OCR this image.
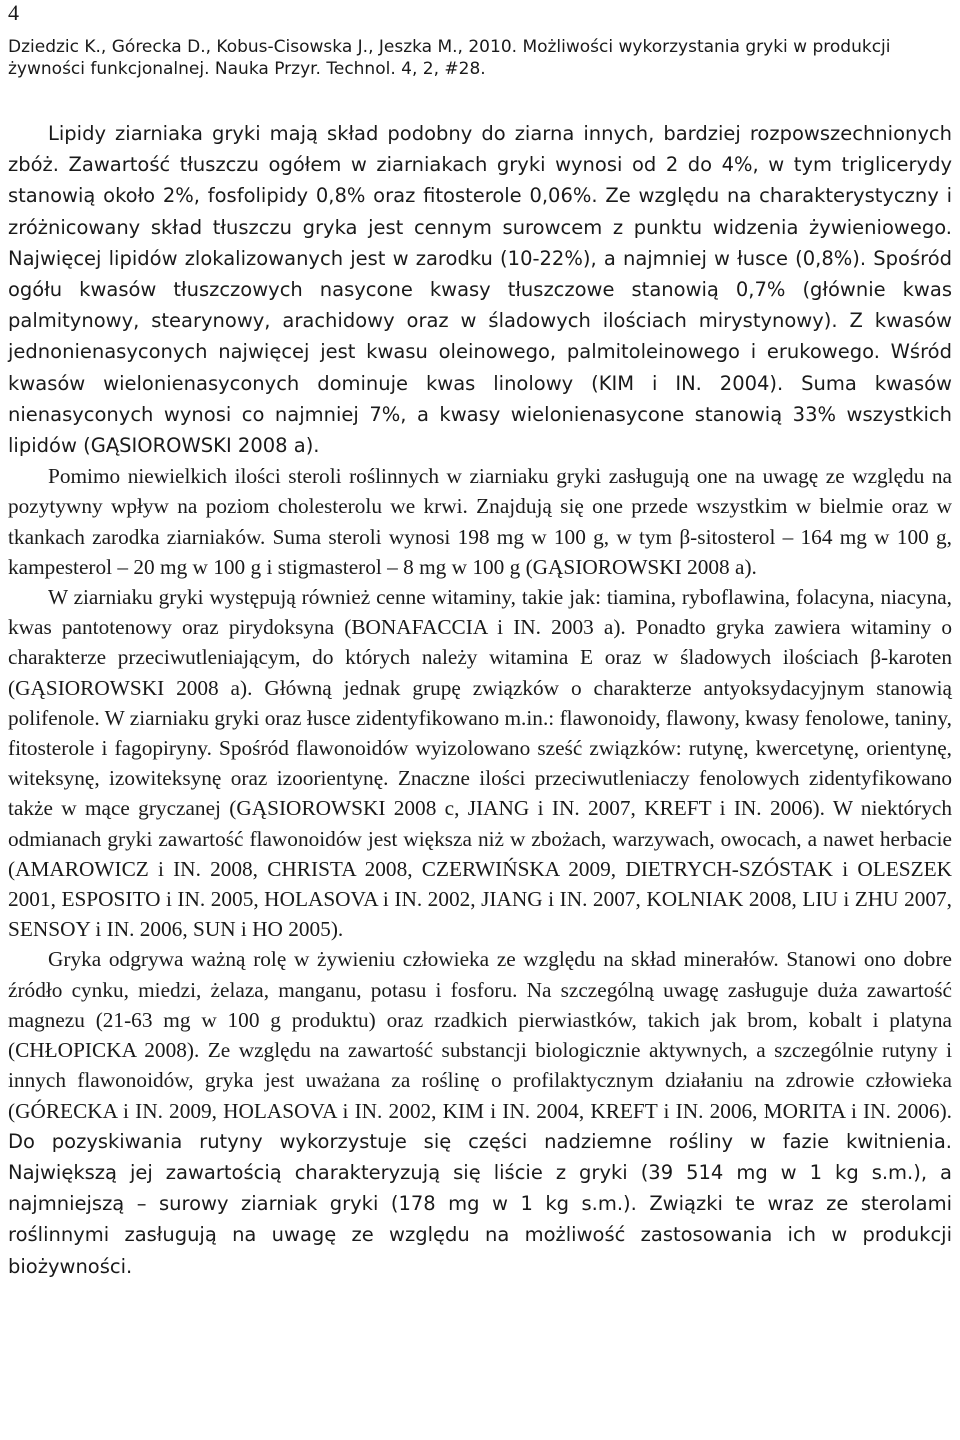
4
Dziedzic K., Górecka D., Kobus-Cisowska J., Jeszka M., 2010. Możliwości wykorzystania gryki w produkcji żywności funkcjonalnej. Nauka Przyr. Technol. 4, 2, #28.

Lipidy ziarniaka gryki mają skład podobny do ziarna innych, bardziej rozpowszechnionych zbóż. Zawartość tłuszczu ogółem w ziarniakach gryki wynosi od 2 do 4%, w tym triglicerydy stanowią około 2%, fosfolipidy 0,8% oraz fitosterole 0,06%. Ze względu na charakterystyczny i zróżnicowany skład tłuszczu gryka jest cennym surowcem z punktu widzenia żywieniowego. Najwięcej lipidów zlokalizowanych jest w zarodku (10-22%), a najmniej w łusce (0,8%). Spośród ogółu kwasów tłuszczowych nasycone kwasy tłuszczowe stanowią 0,7% (głównie kwas palmitynowy, stearynowy, arachidowy oraz w śladowych ilościach mirystynowy). Z kwasów jednonienasyconych najwięcej jest kwasu oleinowego, palmitoleinowego i erukowego. Wśród kwasów wielonienasyconych dominuje kwas linolowy (KIM i IN. 2004). Suma kwasów nienasyconych wynosi co najmniej 7%, a kwasy wielonienasycone stanowią 33% wszystkich lipidów (GĄSIOROWSKI 2008 a).

Pomimo niewielkich ilości steroli roślinnych w ziarniaku gryki zasługują one na uwagę ze względu na pozytywny wpływ na poziom cholesterolu we krwi. Znajdują się one przede wszystkim w bielmie oraz w tkankach zarodka ziarniaków. Suma steroli wynosi 198 mg w 100 g, w tym β-sitosterol – 164 mg w 100 g, kampesterol – 20 mg w 100 g i stigmasterol – 8 mg w 100 g (GĄSIOROWSKI 2008 a).

W ziarniaku gryki występują również cenne witaminy, takie jak: tiamina, ryboflawina, folacyna, niacyna, kwas pantotenowy oraz pirydoksyna (BONAFACCIA i IN. 2003 a). Ponadto gryka zawiera witaminy o charakterze przeciwutleniającym, do których należy witamina E oraz w śladowych ilościach β-karoten (GĄSIOROWSKI 2008 a). Główną jednak grupę związków o charakterze antyoksydacyjnym stanowią polifenole. W ziarniaku gryki oraz łusce zidentyfikowano m.in.: flawonoidy, flawony, kwasy fenolowe, taniny, fitosterole i fagopiryny. Spośród flawonoidów wyizolowano sześć związków: rutynę, kwercetynę, orientynę, witeksynę, izowiteksynę oraz izoorientynę. Znaczne ilości przeciwutleniaczy fenolowych zidentyfikowano także w mące gryczanej (GĄSIOROWSKI 2008 c, JIANG i IN. 2007, KREFT i IN. 2006). W niektórych odmianach gryki zawartość flawonoidów jest większa niż w zbożach, warzywach, owocach, a nawet herbacie (AMAROWICZ i IN. 2008, CHRISTA 2008, CZERWIŃSKA 2009, DIETRYCH-SZÓSTAK i OLESZEK 2001, ESPOSITO i IN. 2005, HOLASOVA i IN. 2002, JIANG i IN. 2007, KOLNIAK 2008, LIU i ZHU 2007, SENSOY i IN. 2006, SUN i HO 2005).

Gryka odgrywa ważną rolę w żywieniu człowieka ze względu na skład minerałów. Stanowi ono dobre źródło cynku, miedzi, żelaza, manganu, potasu i fosforu. Na szczególną uwagę zasługuje duża zawartość magnezu (21-63 mg w 100 g produktu) oraz rzadkich pierwiastków, takich jak brom, kobalt i platyna (CHŁOPICKA 2008). Ze względu na zawartość substancji biologicznie aktywnych, a szczególnie rutyny i innych flawonoidów, gryka jest uważana za roślinę o profilaktycznym działaniu na zdrowie człowieka (GÓRECKA i IN. 2009, HOLASOVA i IN. 2002, KIM i IN. 2004, KREFT i IN. 2006, MORITA i IN. 2006). Do pozyskiwania rutyny wykorzystuje się części nadziemne rośliny w fazie kwitnienia. Największą jej zawartością charakteryzują się liście z gryki (39 514 mg w 1 kg s.m.), a najmniejszą – surowy ziarniak gryki (178 mg w 1 kg s.m.). Związki te wraz ze sterolami roślinnymi zasługują na uwagę ze względu na możliwość zastosowania ich w produkcji biożywności.
